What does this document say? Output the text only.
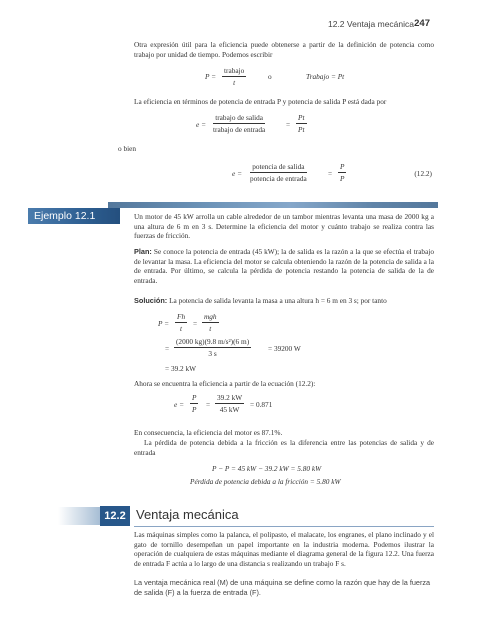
12.2 Ventaja mecánica 247
Otra expresión útil para la eficiencia puede obtenerse a partir de la definición de potencia como trabajo por unidad de tiempo. Podemos escribir
P =
trabajo
t
o	Trabajo = Pt
La eficiencia en términos de potencia de entrada P y potencia de salida P está dada por
e =
trabajo de salida
trabajo de entrada
= $\frac{Pt}{Pt}$
o bien
e =
potencia de salida
potencia de entrada
= $\frac{P}{P}$	(12.2)
Ejemplo 12.1	Un motor de 45 kW arrolla un cable alrededor de un tambor mientras levanta una masa de 2000 kg a una altura de 6 m en 3 s. Determine la eficiencia del motor y cuánto trabajo se realiza contra las fuerzas de fricción.
Plan: Se conoce la potencia de entrada (45 kW); la de salida es la razón a la que se efectúa el trabajo de levantar la masa. La eficiencia del motor se calcula obteniendo la razón de la potencia de salida a la de entrada. Por último, se calcula la pérdida de potencia restando la potencia de salida de la de entrada.
Solución: La potencia de salida levanta la masa a una altura h = 6 m en 3 s; por tanto
$P = \frac{Fh}{t}$ =
mgh
t
= $\frac{\text{(2000 kg)(9.8 m/s²)(6 m)}}{3 s} = 39200$ W
= 39.2 kW
Ahora se encuentra la eficiencia a partir de la ecuación (12.2):
$e = \frac{P}{P} = \frac{39.2 kW}{45 kW} = 0.871$
En consecuencia, la eficiencia del motor es 87.1%.
La pérdida de potencia debida a la fricción es la diferencia entre las potencias de salida y de entrada
P − P = 45 kW − 39.2 kW = 5.80 kW
Pérdida de potencia debida a la fricción = 5.80 kW
12.2 Ventaja mecánica
Las máquinas simples como la palanca, el polipasto, el malacate, los engranes, el plano inclinado y el gato de tornillo desempeñan un papel importante en la industria moderna. Podemos ilustrar la operación de cualquiera de estas máquinas mediante el diagrama general de la figura 12.2. Una fuerza de entrada F actúa a lo largo de una distancia s realizando un trabajo F s.
La ventaja mecánica real (M) de una máquina se define como la razón que hay de la fuerza de salida (F) a la fuerza de entrada (F).
